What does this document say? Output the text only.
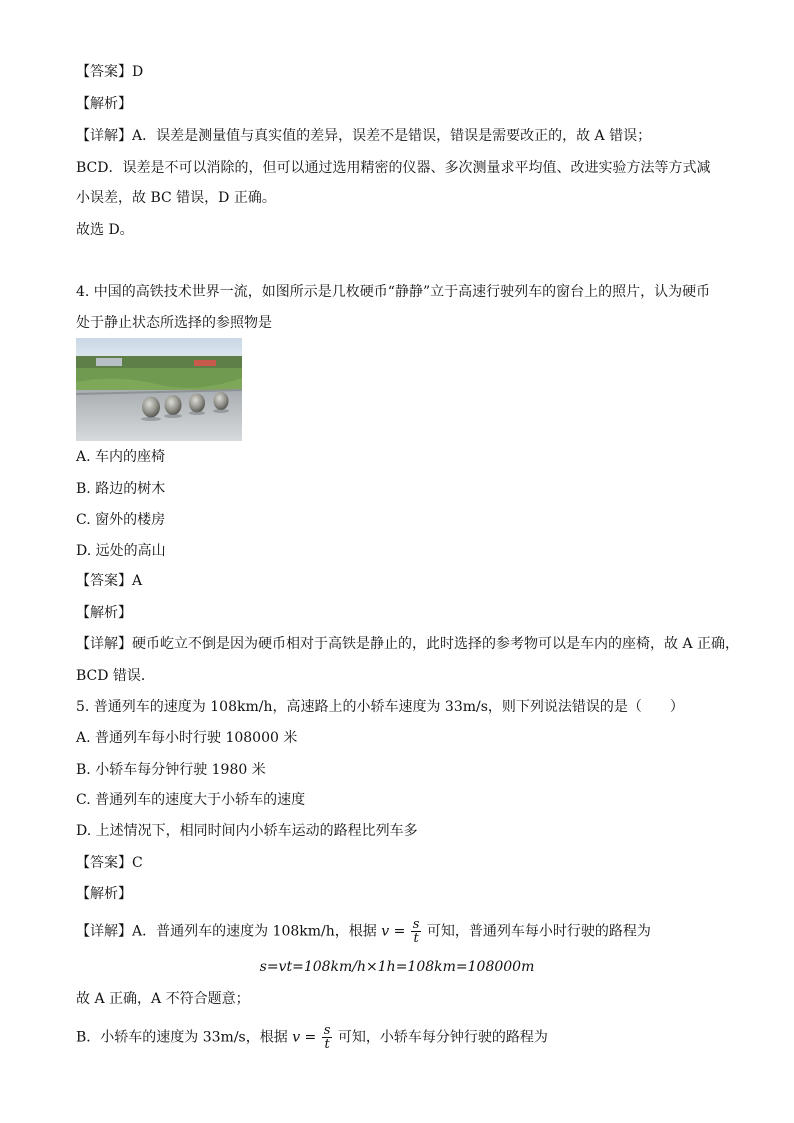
【答案】D
【解析】
【详解】A．误差是测量值与真实值的差异，误差不是错误，错误是需要改正的，故 A 错误；
BCD．误差是不可以消除的，但可以通过选用精密的仪器、多次测量求平均值、改进实验方法等方式减
小误差，故 BC 错误，D 正确。
故选 D。
4. 中国的高铁技术世界一流，如图所示是几枚硬币“静静”立于高速行驶列车的窗台上的照片，认为硬币
处于静止状态所选择的参照物是
A. 车内的座椅
B. 路边的树木
C. 窗外的楼房
D. 远处的高山
【答案】A
【解析】
【详解】硬币屹立不倒是因为硬币相对于高铁是静止的，此时选择的参考物可以是车内的座椅，故 A 正确，
BCD 错误．
5. 普通列车的速度为 108km/h，高速路上的小轿车速度为 33m/s，则下列说法错误的是（　　）
A. 普通列车每小时行驶 108000 米
B. 小轿车每分钟行驶 1980 米
C. 普通列车的速度大于小轿车的速度
D. 上述情况下，相同时间内小轿车运动的路程比列车多
【答案】C
【解析】
【详解】A．普通列车的速度为 108km/h，根据 $v = \frac{s}{t}$ 可知，普通列车每小时行驶的路程为
s=vt=108km/h×1h=108km=108000m
故 A 正确，A 不符合题意；
B．小轿车的速度为 33m/s，根据 $v = \frac{s}{t}$ 可知，小轿车每分钟行驶的路程为
